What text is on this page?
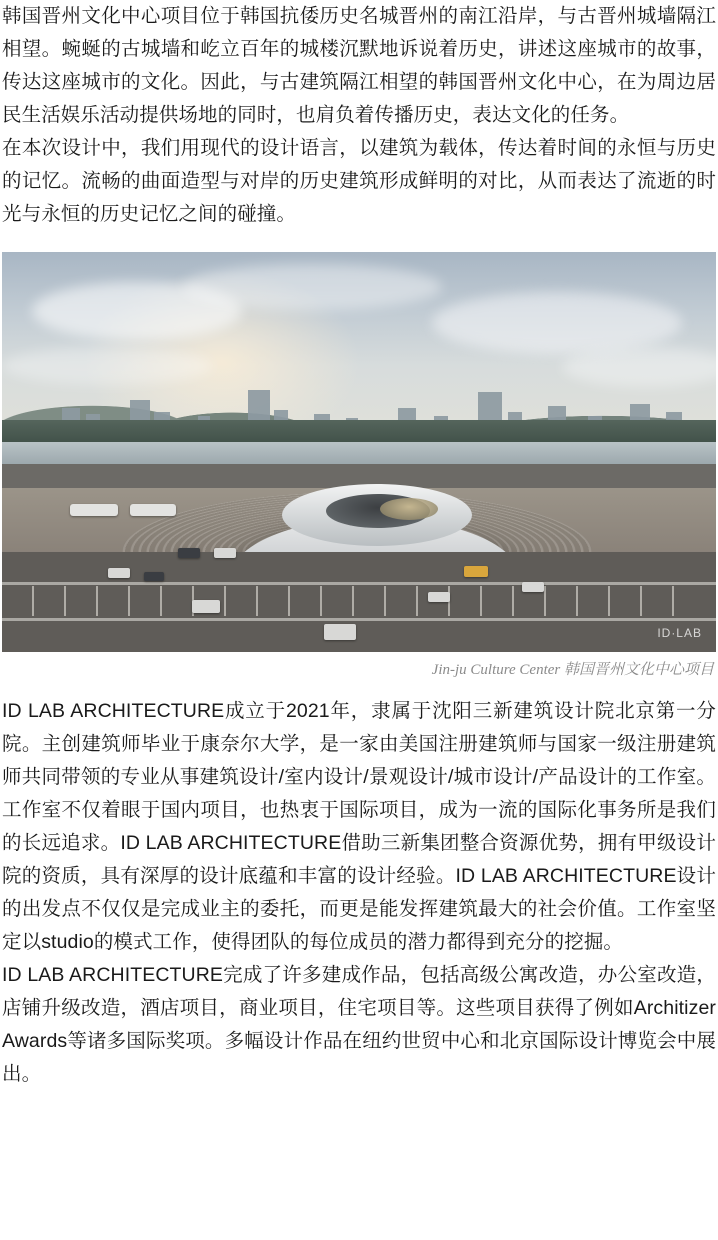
韩国晋州文化中心项目位于韩国抗倭历史名城晋州的南江沿岸，与古晋州城墙隔江相望。蜿蜒的古城墙和屹立百年的城楼沉默地诉说着历史，讲述这座城市的故事，传达这座城市的文化。因此，与古建筑隔江相望的韩国晋州文化中心，在为周边居民生活娱乐活动提供场地的同时，也肩负着传播历史，表达文化的任务。

在本次设计中，我们用现代的设计语言，以建筑为载体，传达着时间的永恒与历史的记忆。流畅的曲面造型与对岸的历史建筑形成鲜明的对比，从而表达了流逝的时光与永恒的历史记忆之间的碰撞。

ID·LAB
Jin-ju Culture Center 韩国晋州文化中心项目

ID LAB ARCHITECTURE成立于2021年，隶属于沈阳三新建筑设计院北京第一分院。主创建筑师毕业于康奈尔大学，是一家由美国注册建筑师与国家一级注册建筑师共同带领的专业从事建筑设计/室内设计/景观设计/城市设计/产品设计的工作室。工作室不仅着眼于国内项目，也热衷于国际项目，成为一流的国际化事务所是我们的长远追求。ID LAB ARCHITECTURE借助三新集团整合资源优势，拥有甲级设计院的资质，具有深厚的设计底蕴和丰富的设计经验。ID LAB ARCHITECTURE设计的出发点不仅仅是完成业主的委托，而更是能发挥建筑最大的社会价值。工作室坚定以studio的模式工作，使得团队的每位成员的潜力都得到充分的挖掘。

ID LAB ARCHITECTURE完成了许多建成作品，包括高级公寓改造，办公室改造，店铺升级改造，酒店项目，商业项目，住宅项目等。这些项目获得了例如Architizer Awards等诸多国际奖项。多幅设计作品在纽约世贸中心和北京国际设计博览会中展出。
